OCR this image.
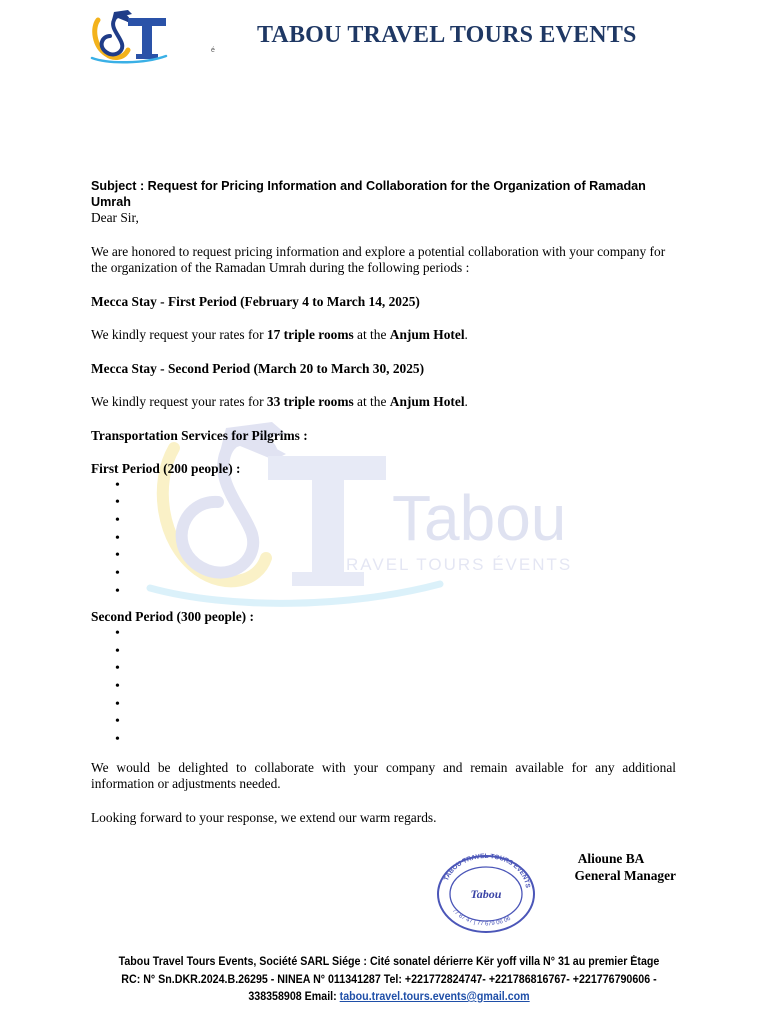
é
TABOU TRAVEL TOURS EVENTS
Tabou
RAVEL TOURS ÉVENTS

Subject : Request for Pricing Information and Collaboration for the Organization of Ramadan Umrah

Dear Sir,

We are honored to request pricing information and explore a potential collaboration with your company for the organization of the Ramadan Umrah during the following periods :

Mecca Stay - First Period (February 4 to March 14, 2025)

We kindly request your rates for 17 triple rooms at the Anjum Hotel.

Mecca Stay - Second Period (March 20 to March 30, 2025)

We kindly request your rates for 33 triple rooms at the Anjum Hotel.

Transportation Services for Pilgrims :

First Period (200 people) :

•
•
•
•
•
•
•

Second Period (300 people) :

•
•
•
•
•
•
•

We would be delighted to collaborate with your company and remain available for any additional information or adjustments needed.

Looking forward to your response, we extend our warm regards.

TABOU TRAVEL TOURS EVENTS
77 87 47 | 77 679 06 06
Tabou
Alioune BA
General Manager
Tabou Travel Tours Events, Société SARL Siége : Cité sonatel dérierre Kër yoff villa N° 31 au premier Étage
RC: N° Sn.DKR.2024.B.26295 - NINEA N° 011341287 Tel: +221772824747- +221786816767- +221776790606 -
338358908 Email: tabou.travel.tours.events@gmail.com
